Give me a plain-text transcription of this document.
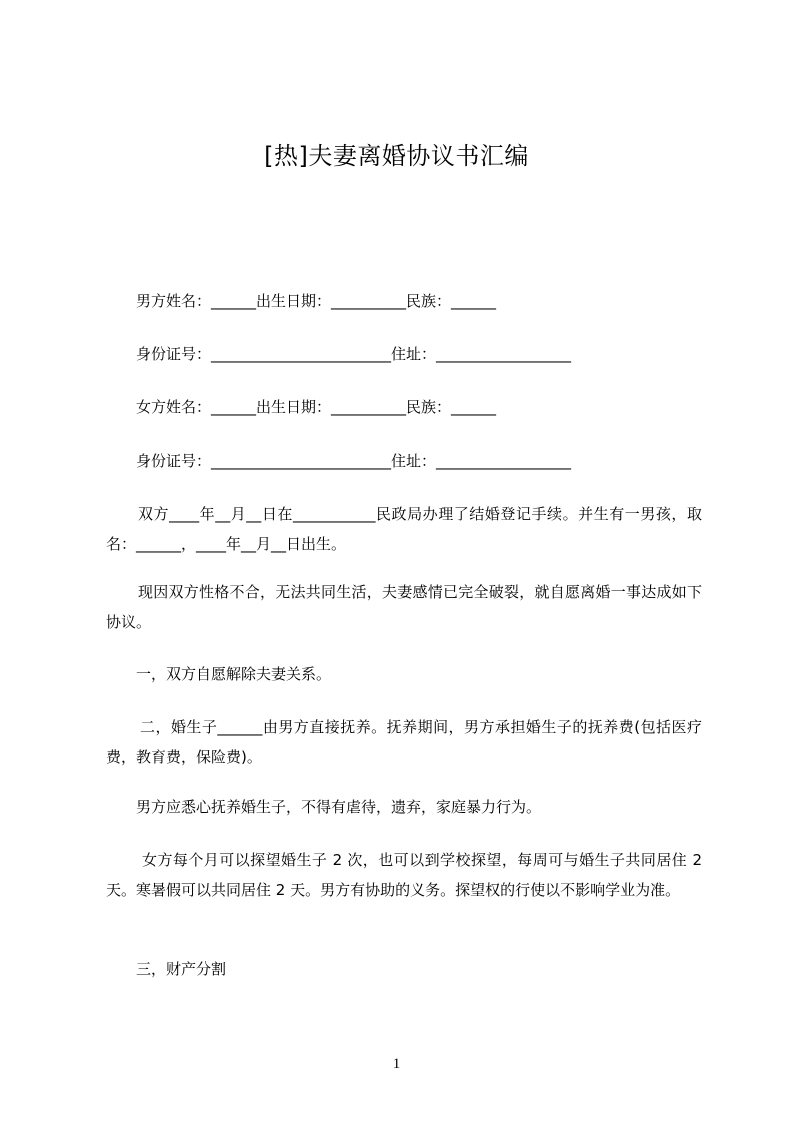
[热]夫妻离婚协议书汇编
男方姓名：______出生日期：__________民族：______
身份证号：________________________住址：__________________
女方姓名：______出生日期：__________民族：______
身份证号：________________________住址：__________________
双方____年__月__日在___________民政局办理了结婚登记手续。并生有一男孩，取名：______，____年__月__日出生。
现因双方性格不合，无法共同生活，夫妻感情已完全破裂，就自愿离婚一事达成如下协议。
一，双方自愿解除夫妻关系。
二，婚生子______由男方直接抚养。抚养期间，男方承担婚生子的抚养费(包括医疗费，教育费，保险费)。
男方应悉心抚养婚生子，不得有虐待，遗弃，家庭暴力行为。
女方每个月可以探望婚生子 2 次，也可以到学校探望，每周可与婚生子共同居住 2 天。寒暑假可以共同居住 2 天。男方有协助的义务。探望权的行使以不影响学业为准。
三，财产分割
1
